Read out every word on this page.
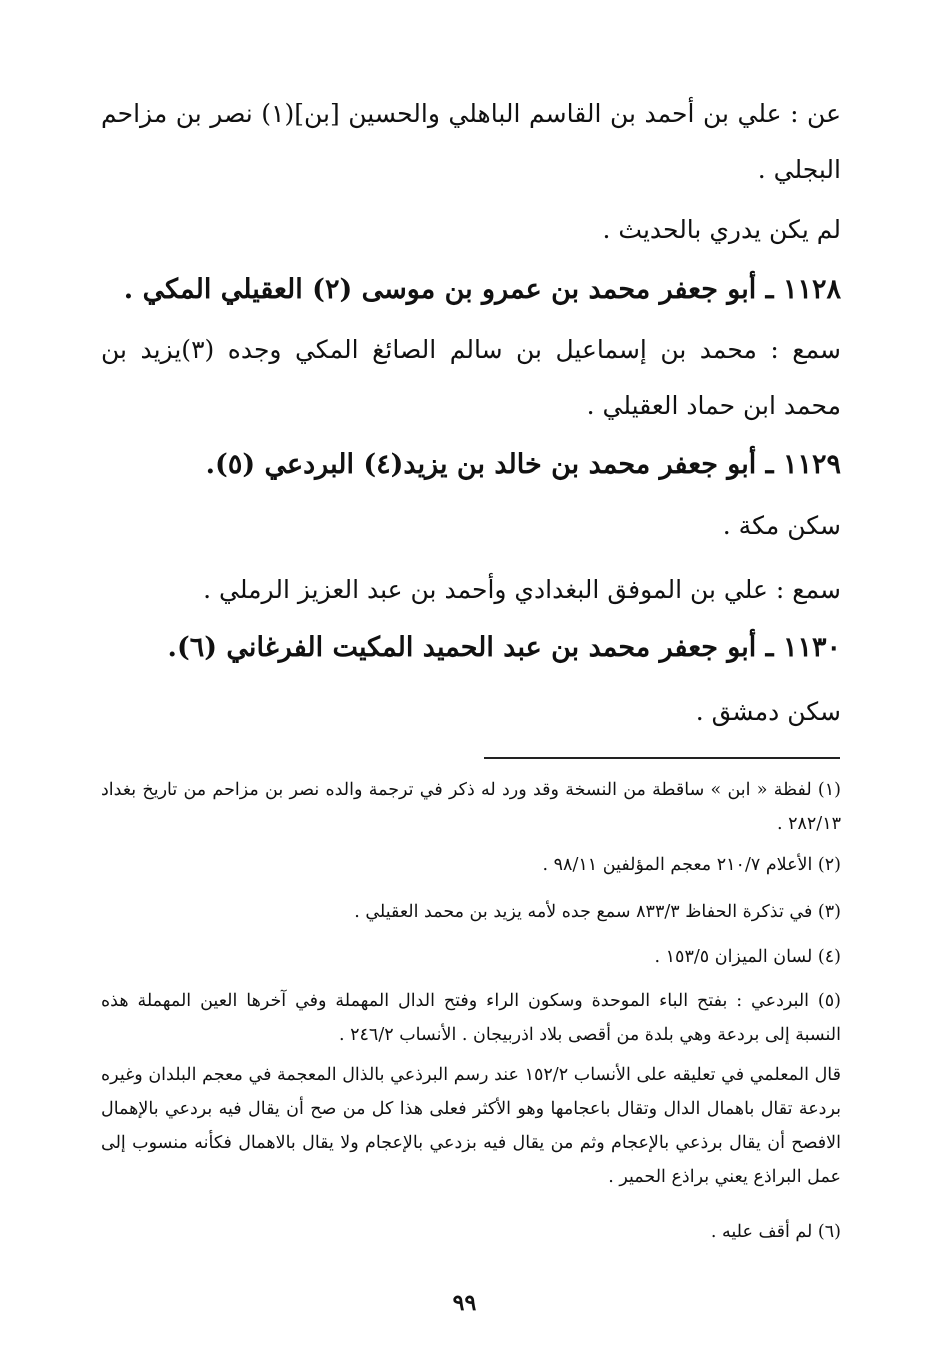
عن : علي بن أحمد بن القاسم الباهلي والحسين [بن](١) نصر بن مزاحم البجلي .
لم يكن يدري بالحديث .
١١٢٨ ـ أبو جعفر محمد بن عمرو بن موسى (٢) العقيلي المكي .
سمع : محمد بن إسماعيل بن سالم الصائغ المكي وجده (٣)يزيد بن محمد ابن حماد العقيلي .
١١٢٩ ـ أبو جعفر محمد بن خالد بن يزيد(٤) البردعي (٥).
سكن مكة .
سمع : علي بن الموفق البغدادي وأحمد بن عبد العزيز الرملي .
١١٣٠ ـ أبو جعفر محمد بن عبد الحميد المكيت الفرغاني (٦).
سكن دمشق .
(١) لفظة « ابن » ساقطة من النسخة وقد ورد له ذكر في ترجمة والده نصر بن مزاحم من تاريخ بغداد ٢٨٢/١٣ .
(٢) الأعلام ٢١٠/٧ معجم المؤلفين ٩٨/١١ .
(٣) في تذكرة الحفاظ ٨٣٣/٣ سمع جده لأمه يزيد بن محمد العقيلي .
(٤) لسان الميزان ١٥٣/٥ .
(٥) البردعي : بفتح الباء الموحدة وسكون الراء وفتح الدال المهملة وفي آخرها العين المهملة هذه النسبة إلى بردعة وهي بلدة من أقصى بلاد اذربيجان . الأنساب ٢٤٦/٢ .
قال المعلمي في تعليقه على الأنساب ١٥٢/٢ عند رسم البرذعي بالذال المعجمة في معجم البلدان وغيره بردعة تقال باهمال الدال وتقال باعجامها وهو الأكثر فعلى هذا كل من صح أن يقال فيه بردعي بالإهمال الافصح أن يقال برذعي بالإعجام وثم من يقال فيه بزدعي بالإعجام ولا يقال بالاهمال فكأنه منسوب إلى عمل البراذع يعني براذع الحمير .
(٦) لم أقف عليه .
٩٩
